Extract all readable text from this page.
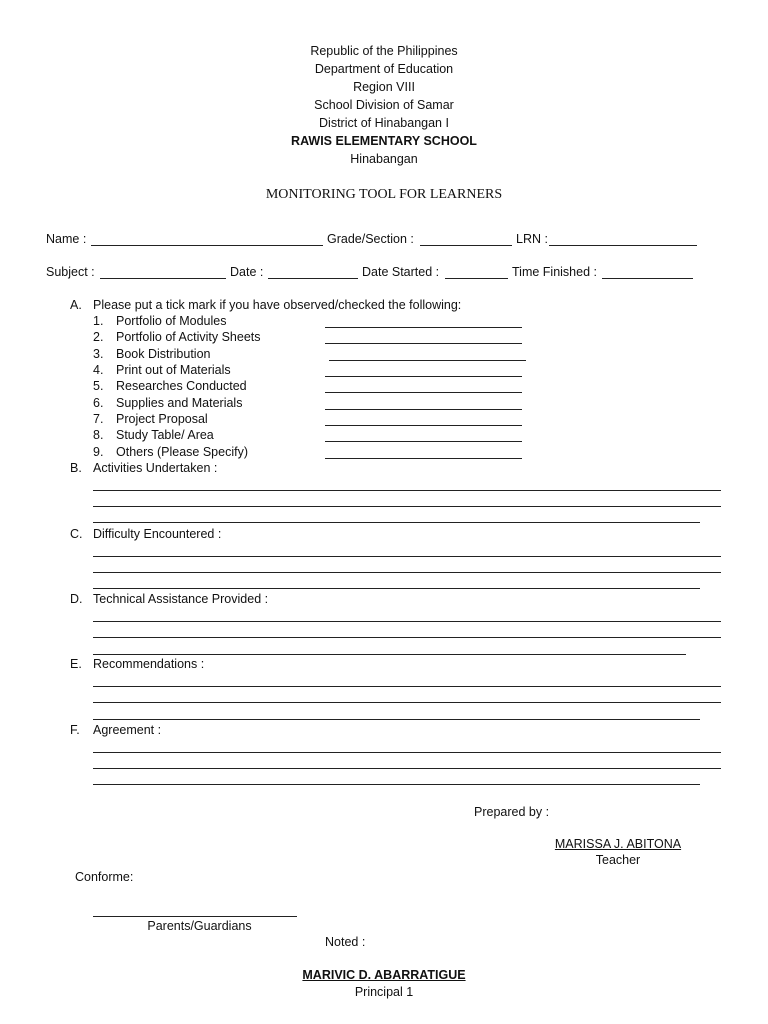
Republic of the Philippines
Department of Education
Region VIII
School Division of Samar
District of Hinabangan I
RAWIS ELEMENTARY SCHOOL
Hinabangan
MONITORING TOOL FOR LEARNERS
Name :	Grade/Section :	LRN :
Subject :	Date :	Date Started :	Time Finished :
A. Please put a tick mark if you have observed/checked the following:
1. Portfolio of Modules
2. Portfolio of Activity Sheets
3. Book Distribution
4. Print out of Materials
5. Researches Conducted
6. Supplies and Materials
7. Project Proposal
8. Study Table/ Area
9. Others (Please Specify)
B. Activities Undertaken :
C. Difficulty Encountered :
D. Technical Assistance Provided :
E. Recommendations :
F. Agreement :
Prepared by :
MARISSA J. ABITONA
Teacher
Conforme:
Parents/Guardians
Noted :
MARIVIC D. ABARRATIGUE
Principal 1
